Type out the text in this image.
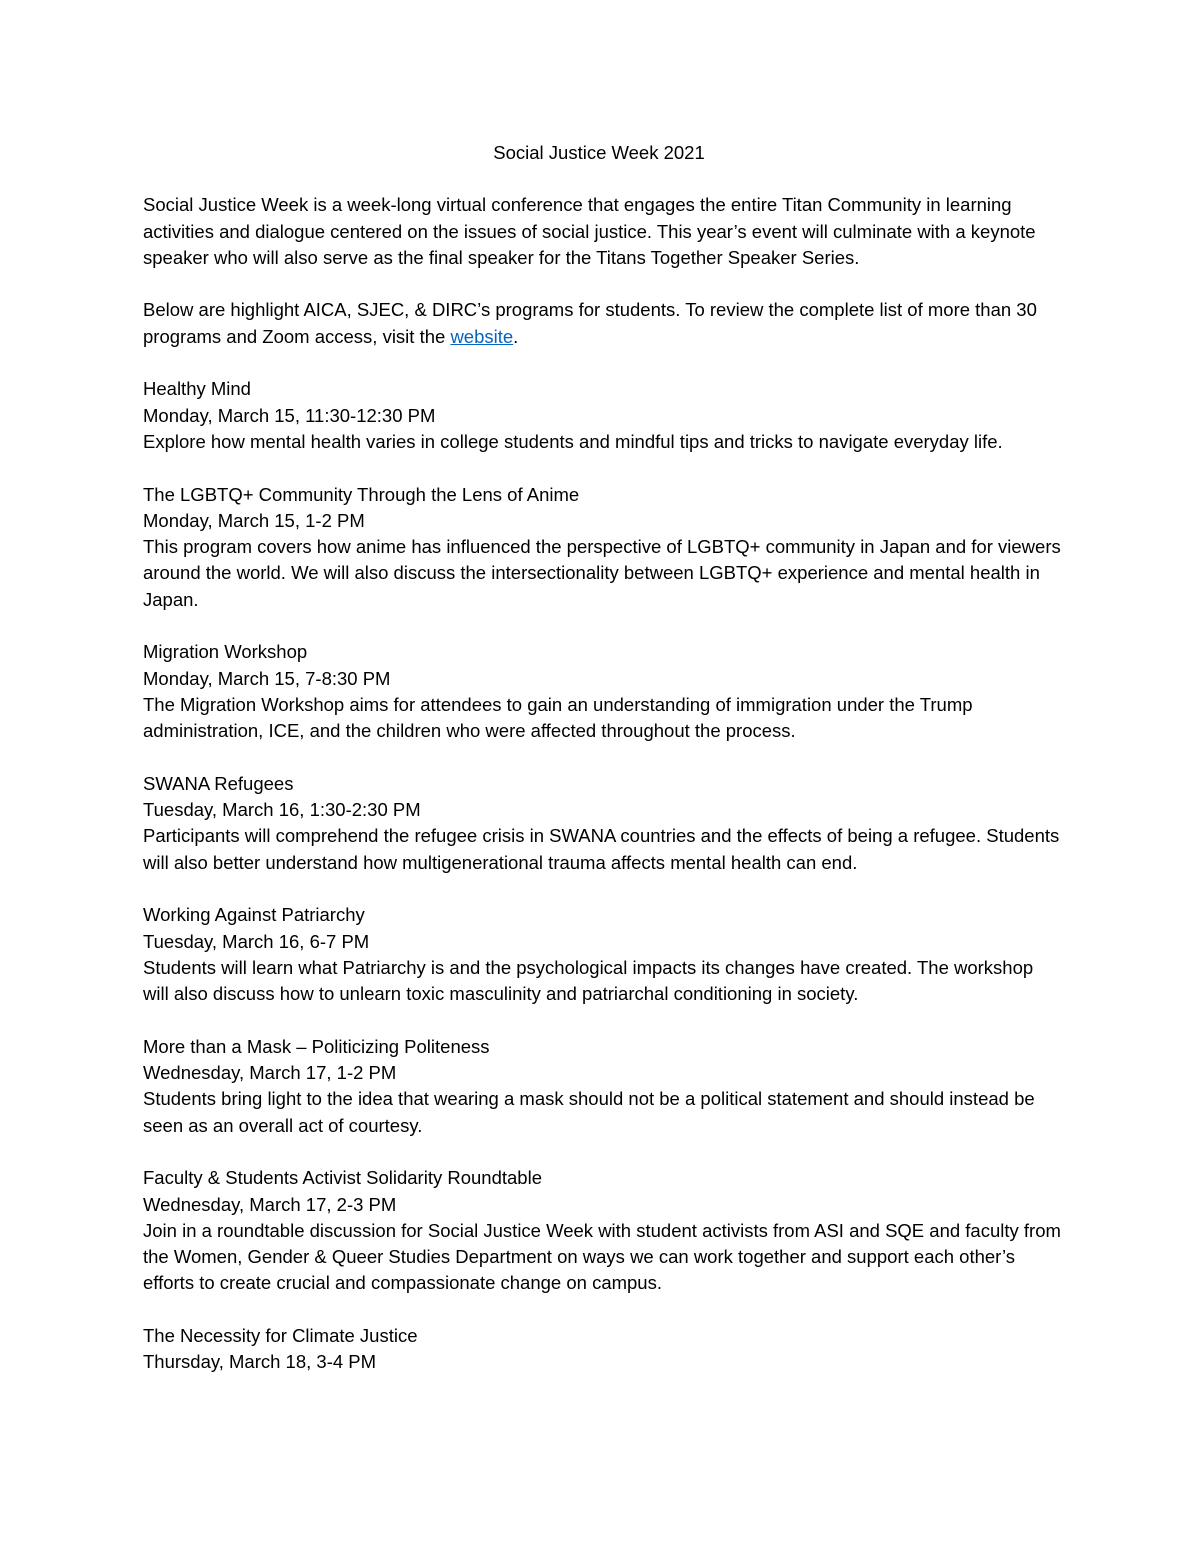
Social Justice Week 2021

Social Justice Week is a week-long virtual conference that engages the entire Titan Community in learning activities and dialogue centered on the issues of social justice. This year’s event will culminate with a keynote speaker who will also serve as the final speaker for the Titans Together Speaker Series.

Below are highlight AICA, SJEC, & DIRC’s programs for students. To review the complete list of more than 30 programs and Zoom access, visit the website.

Healthy Mind
Monday, March 15, 11:30-12:30 PM
Explore how mental health varies in college students and mindful tips and tricks to navigate everyday life.
The LGBTQ+ Community Through the Lens of Anime
Monday, March 15, 1-2 PM
This program covers how anime has influenced the perspective of LGBTQ+ community in Japan and for viewers around the world. We will also discuss the intersectionality between LGBTQ+ experience and mental health in Japan.
Migration Workshop
Monday, March 15, 7-8:30 PM
The Migration Workshop aims for attendees to gain an understanding of immigration under the Trump administration, ICE, and the children who were affected throughout the process.
SWANA Refugees
Tuesday, March 16, 1:30-2:30 PM
Participants will comprehend the refugee crisis in SWANA countries and the effects of being a refugee. Students will also better understand how multigenerational trauma affects mental health can end.
Working Against Patriarchy
Tuesday, March 16, 6-7 PM
Students will learn what Patriarchy is and the psychological impacts its changes have created. The workshop will also discuss how to unlearn toxic masculinity and patriarchal conditioning in society.
More than a Mask – Politicizing Politeness
Wednesday, March 17, 1-2 PM
Students bring light to the idea that wearing a mask should not be a political statement and should instead be seen as an overall act of courtesy.
Faculty & Students Activist Solidarity Roundtable
Wednesday, March 17, 2-3 PM
Join in a roundtable discussion for Social Justice Week with student activists from ASI and SQE and faculty from the Women, Gender & Queer Studies Department on ways we can work together and support each other’s efforts to create crucial and compassionate change on campus.
The Necessity for Climate Justice
Thursday, March 18, 3-4 PM
